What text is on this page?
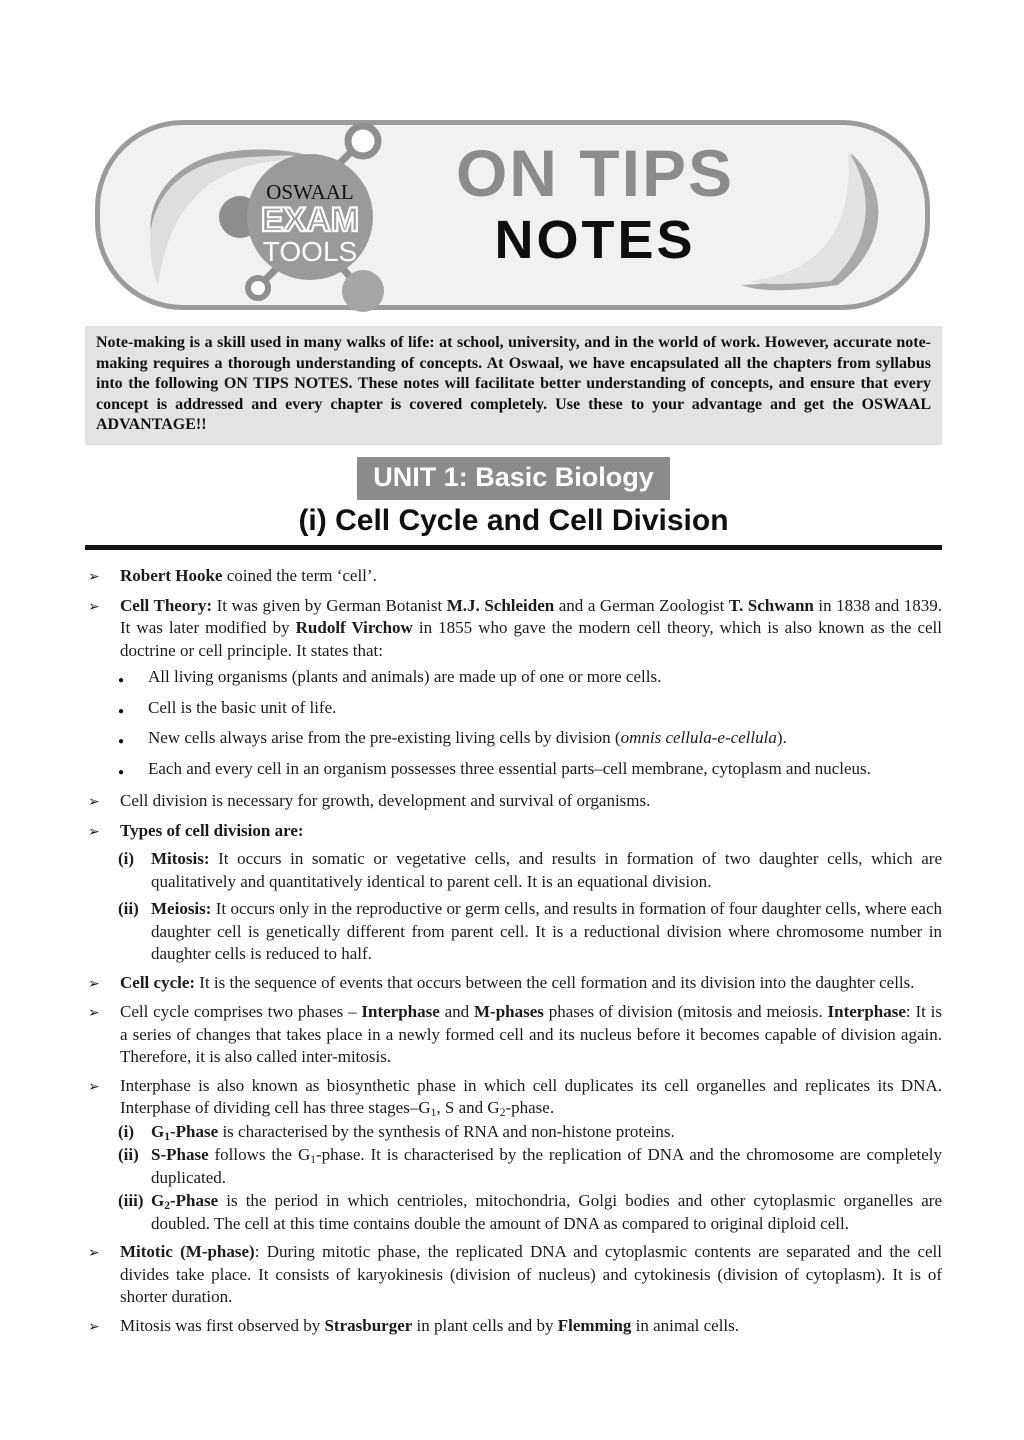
OSWAAL
EXAM
TOOLS
ON TIPS
NOTES
Note-making is a skill used in many walks of life: at school, university, and in the world of work. However, accurate note-making requires a thorough understanding of concepts. At Oswaal, we have encapsulated all the chapters from syllabus into the following ON TIPS NOTES. These notes will facilitate better understanding of concepts, and ensure that every concept is addressed and every chapter is covered completely. Use these to your advantage and get the OSWAAL ADVANTAGE!!
UNIT 1: Basic Biology
(i) Cell Cycle and Cell Division
➢	Robert Hooke coined the term ‘cell’.
➢	Cell Theory: It was given by German Botanist M.J. Schleiden and a German Zoologist T. Schwann in 1838 and 1839. It was later modified by Rudolf Virchow in 1855 who gave the modern cell theory, which is also known as the cell doctrine or cell principle. It states that:
●	All living organisms (plants and animals) are made up of one or more cells.
●	Cell is the basic unit of life.
●	New cells always arise from the pre-existing living cells by division (omnis cellula-e-cellula).
●	Each and every cell in an organism possesses three essential parts–cell membrane, cytoplasm and nucleus.
➢	Cell division is necessary for growth, development and survival of organisms.
➢	Types of cell division are:
(i) Mitosis: It occurs in somatic or vegetative cells, and results in formation of two daughter cells, which are qualitatively and quantitatively identical to parent cell. It is an equational division.
(ii) Meiosis: It occurs only in the reproductive or germ cells, and results in formation of four daughter cells, where each daughter cell is genetically different from parent cell. It is a reductional division where chromosome number in daughter cells is reduced to half.
➢	Cell cycle: It is the sequence of events that occurs between the cell formation and its division into the daughter cells.
➢	Cell cycle comprises two phases – Interphase and M-phases phases of division (mitosis and meiosis. Interphase: It is a series of changes that takes place in a newly formed cell and its nucleus before it becomes capable of division again. Therefore, it is also called inter-mitosis.
➢	Interphase is also known as biosynthetic phase in which cell duplicates its cell organelles and replicates its DNA. Interphase of dividing cell has three stages–$G_1$, S and $G_2$-phase.
(i) $G_1$-Phase is characterised by the synthesis of RNA and non-histone proteins.
(ii) S-Phase follows the $G_1$-phase. It is characterised by the replication of DNA and the chromosome are completely duplicated.
(iii) $G_2$-Phase is the period in which centrioles, mitochondria, Golgi bodies and other cytoplasmic organelles are doubled. The cell at this time contains double the amount of DNA as compared to original diploid cell.
➢	Mitotic (M-phase): During mitotic phase, the replicated DNA and cytoplasmic contents are separated and the cell divides take place. It consists of karyokinesis (division of nucleus) and cytokinesis (division of cytoplasm). It is of shorter duration.
➢	Mitosis was first observed by Strasburger in plant cells and by Flemming in animal cells.
